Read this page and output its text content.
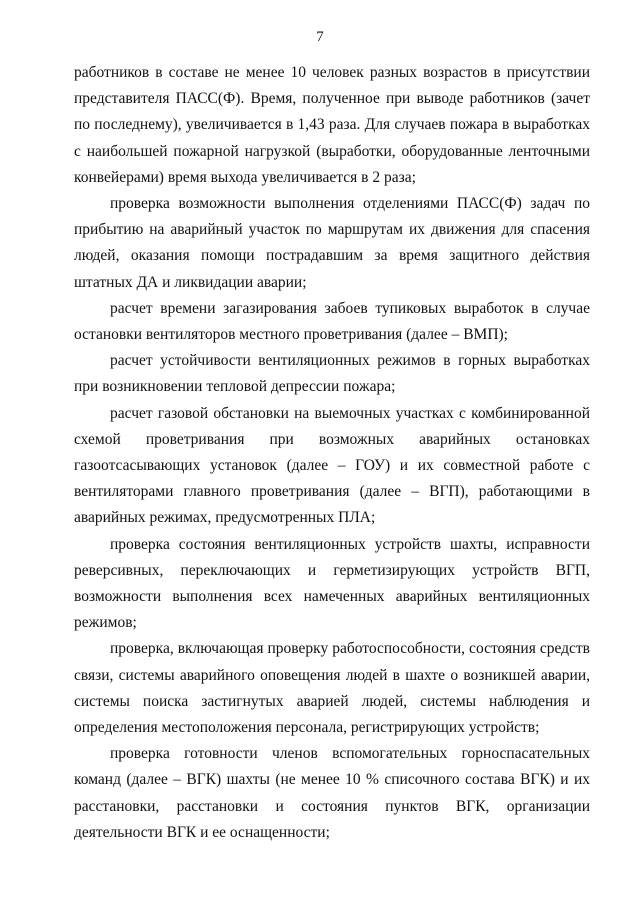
7

работников в составе не менее 10 человек разных возрастов в присутствии представителя ПАСС(Ф). Время, полученное при выводе работников (зачет по последнему), увеличивается в 1,43 раза. Для случаев пожара в выработках с наибольшей пожарной нагрузкой (выработки, оборудованные ленточными конвейерами) время выхода увеличивается в 2 раза;

проверка возможности выполнения отделениями ПАСС(Ф) задач по прибытию на аварийный участок по маршрутам их движения для спасения людей, оказания помощи пострадавшим за время защитного действия штатных ДА и ликвидации аварии;

расчет времени загазирования забоев тупиковых выработок в случае остановки вентиляторов местного проветривания (далее – ВМП);

расчет устойчивости вентиляционных режимов в горных выработках при возникновении тепловой депрессии пожара;

расчет газовой обстановки на выемочных участках с комбинированной схемой проветривания при возможных аварийных остановках газоотсасывающих установок (далее – ГОУ) и их совместной работе с вентиляторами главного проветривания (далее – ВГП), работающими в аварийных режимах, предусмотренных ПЛА;

проверка состояния вентиляционных устройств шахты, исправности реверсивных, переключающих и герметизирующих устройств ВГП, возможности выполнения всех намеченных аварийных вентиляционных режимов;

проверка, включающая проверку работоспособности, состояния средств связи, системы аварийного оповещения людей в шахте о возникшей аварии, системы поиска застигнутых аварией людей, системы наблюдения и определения местоположения персонала, регистрирующих устройств;

проверка готовности членов вспомогательных горноспасательных команд (далее – ВГК) шахты (не менее 10 % списочного состава ВГК) и их расстановки, расстановки и состояния пунктов ВГК, организации деятельности ВГК и ее оснащенности;
